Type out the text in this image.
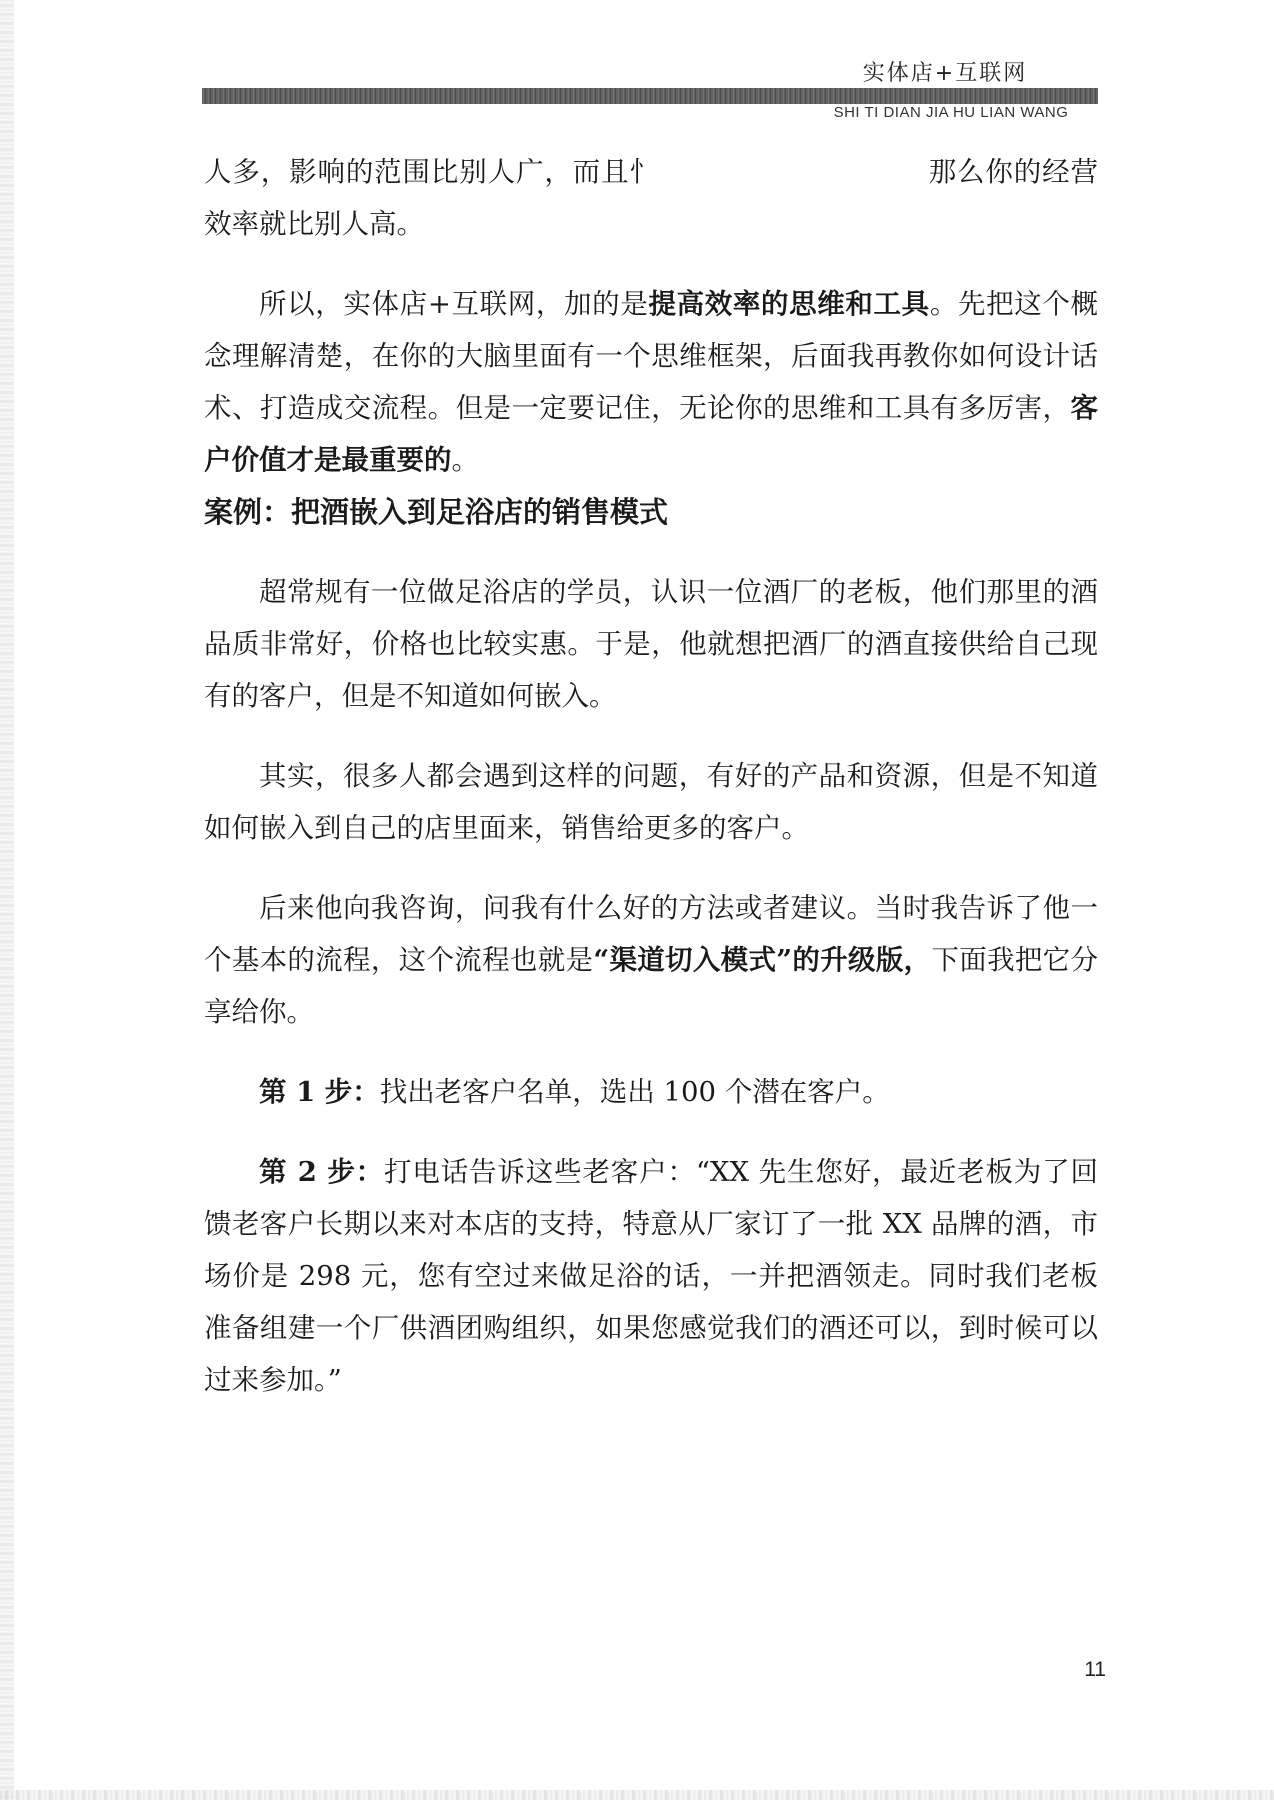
实体店+互联网
SHI TI DIAN JIA HU LIAN WANG

人多，影响的范围比别人广，而且忄	那么你的经营效率就比别人高。

所以，实体店+互联网，加的是提高效率的思维和工具。先把这个概念理解清楚，在你的大脑里面有一个思维框架，后面我再教你如何设计话术、打造成交流程。但是一定要记住，无论你的思维和工具有多厉害，客户价值才是最重要的。

案例：把酒嵌入到足浴店的销售模式

超常规有一位做足浴店的学员，认识一位酒厂的老板，他们那里的酒品质非常好，价格也比较实惠。于是，他就想把酒厂的酒直接供给自己现有的客户，但是不知道如何嵌入。

其实，很多人都会遇到这样的问题，有好的产品和资源，但是不知道如何嵌入到自己的店里面来，销售给更多的客户。

后来他向我咨询，问我有什么好的方法或者建议。当时我告诉了他一个基本的流程，这个流程也就是“渠道切入模式”的升级版，下面我把它分享给你。

第 1 步：找出老客户名单，选出 100 个潜在客户。

第 2 步：打电话告诉这些老客户：“XX 先生您好，最近老板为了回馈老客户长期以来对本店的支持，特意从厂家订了一批 XX 品牌的酒，市场价是 298 元，您有空过来做足浴的话，一并把酒领走。同时我们老板准备组建一个厂供酒团购组织，如果您感觉我们的酒还可以，到时候可以过来参加。”

11
